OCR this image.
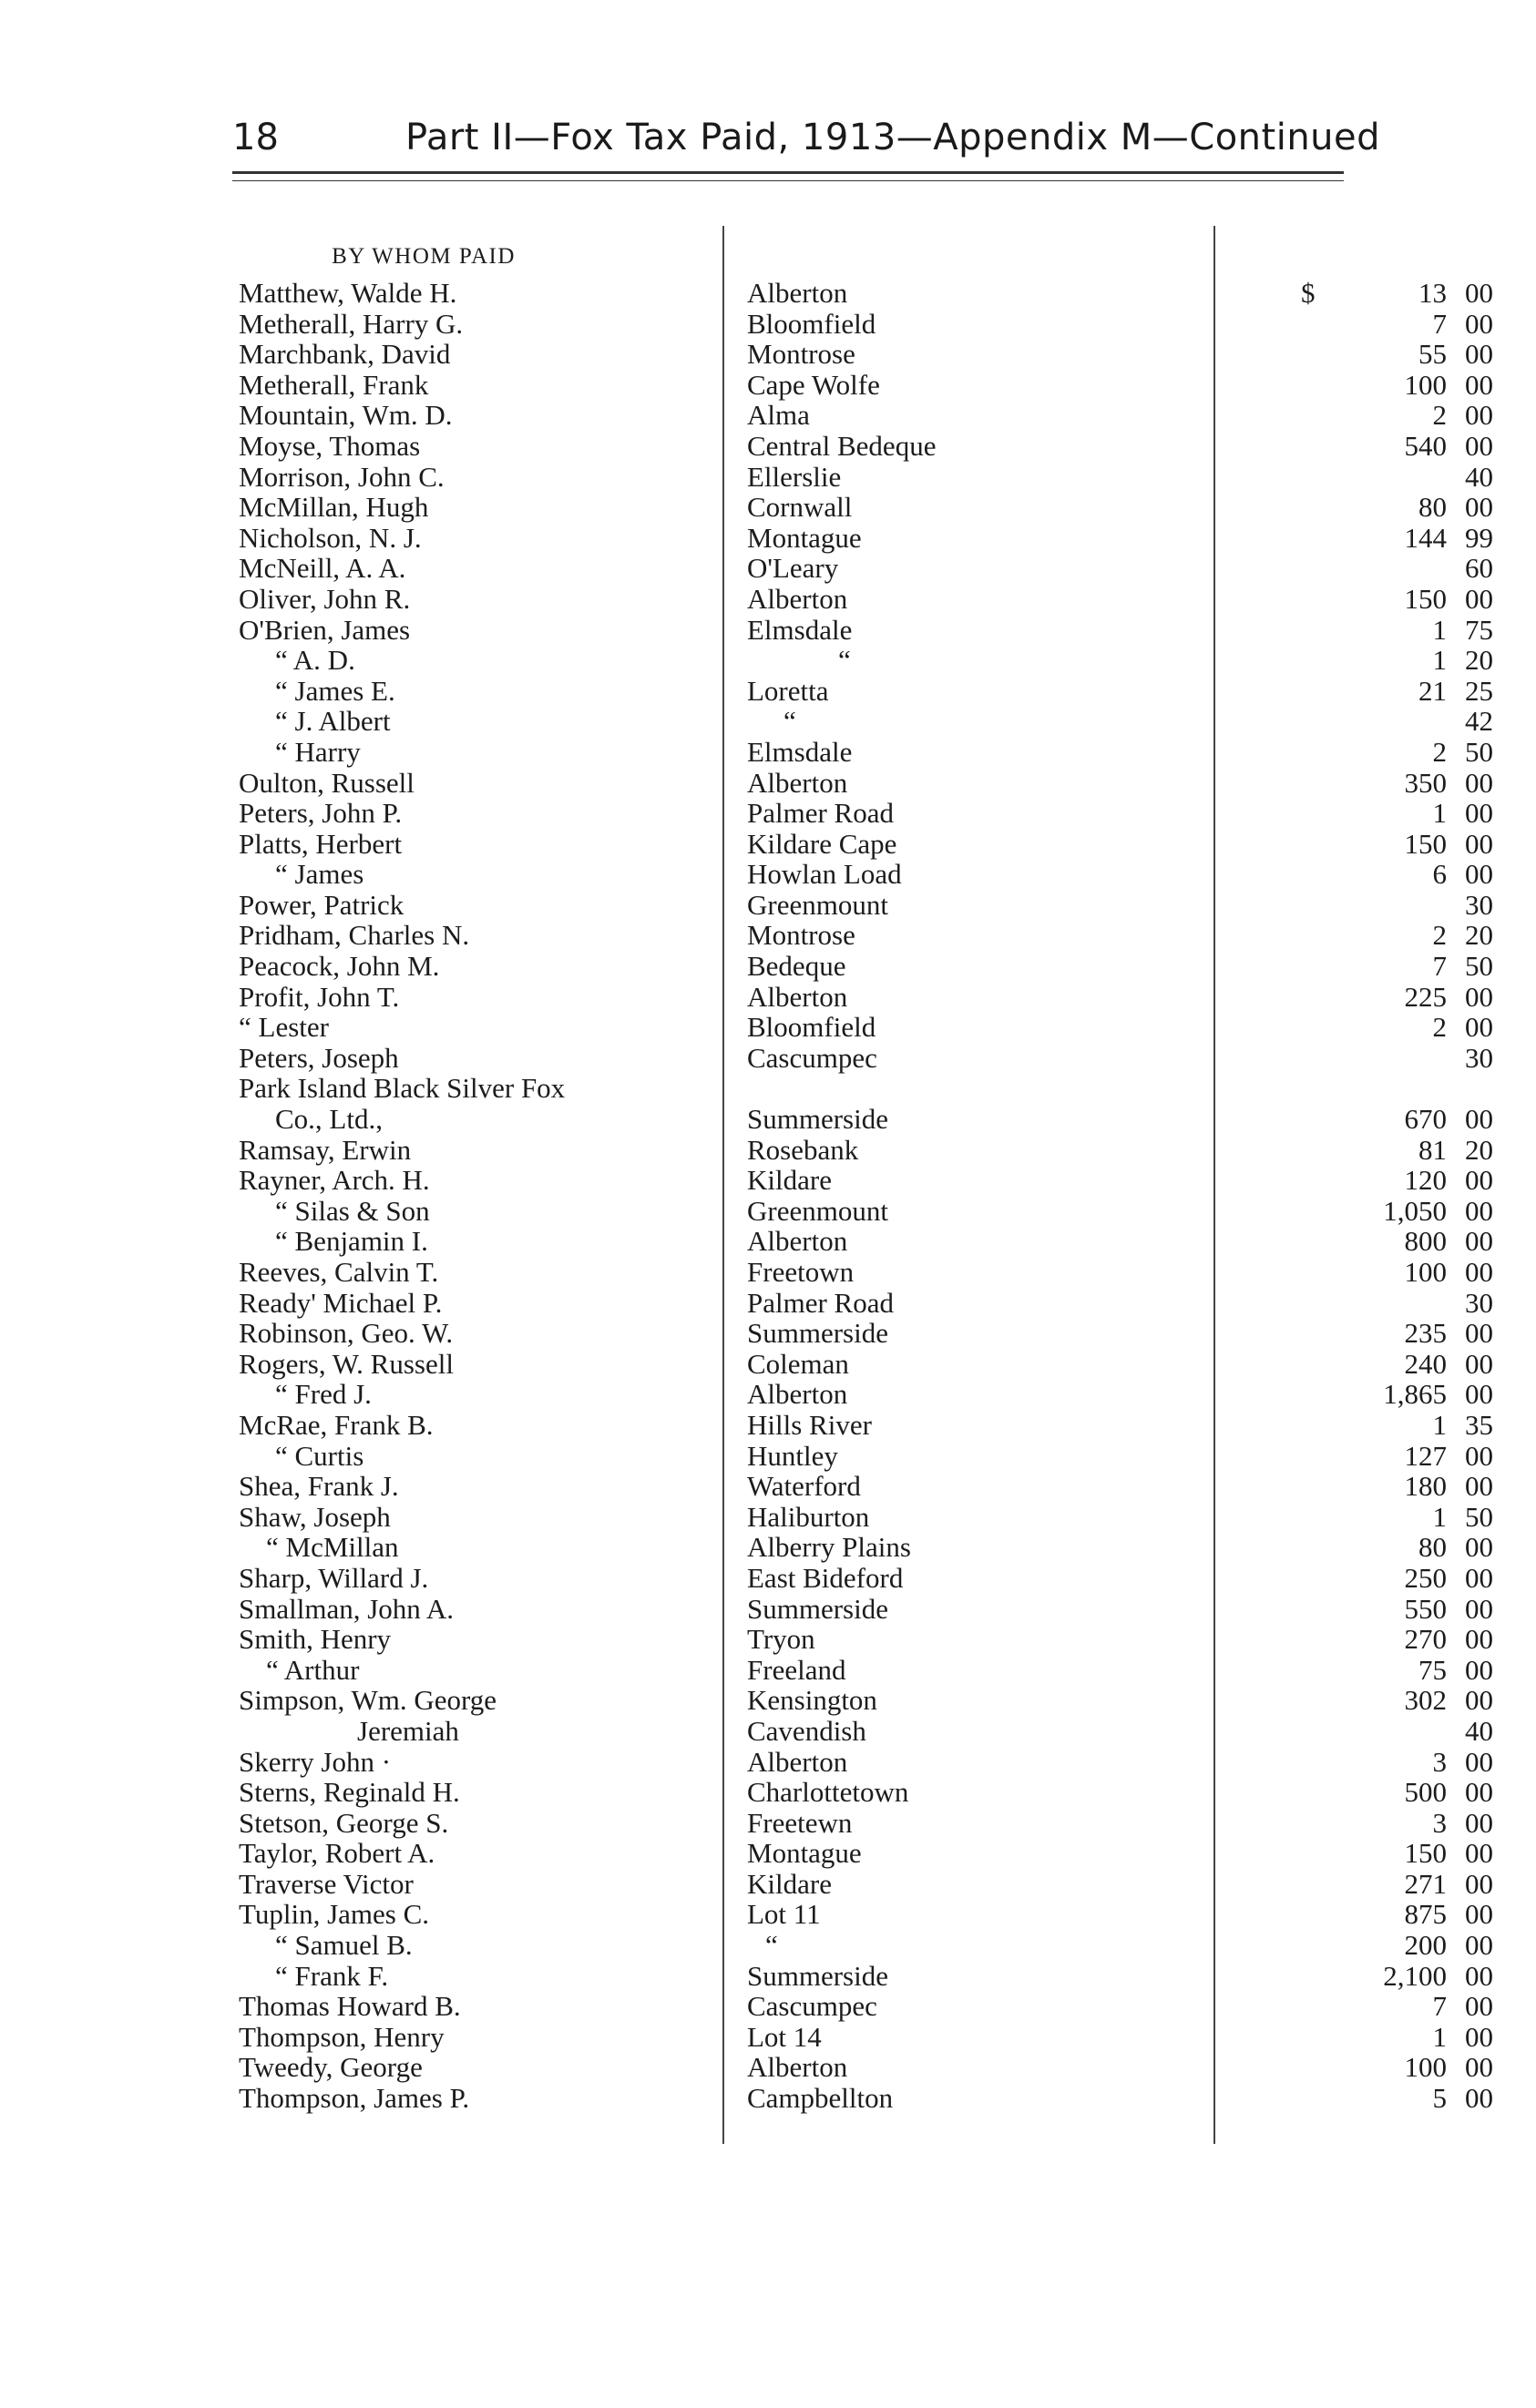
18	Part II—Fox Tax Paid, 1913—Appendix M—Continued
BY WHOM PAID
Matthew, Walde H.	Alberton	$	13 00
Metherall, Harry G.	Bloomfield	7 00
Marchbank, David	Montrose	55 00
Metherall, Frank	Cape Wolfe	100 00
Mountain, Wm. D.	Alma	2 00
Moyse, Thomas	Central Bedeque	540 00
Morrison, John C.	Ellerslie	40
McMillan, Hugh	Cornwall	80 00
Nicholson, N. J.	Montague	144 99
McNeill, A. A.	O'Leary	60
Oliver, John R.	Alberton	150 00
O'Brien, James	Elmsdale	1 75
“ A. D.	“	1 20
“ James E.	Loretta	21 25
“ J. Albert	“	42
“ Harry	Elmsdale	2 50
Oulton, Russell	Alberton	350 00
Peters, John P.	Palmer Road	1 00
Platts, Herbert	Kildare Cape	150 00
“ James	Howlan Load	6 00
Power, Patrick	Greenmount	30
Pridham, Charles N.	Montrose	2 20
Peacock, John M.	Bedeque	7 50
Profit, John T.	Alberton	225 00
“ Lester	Bloomfield	2 00
Peters, Joseph	Cascumpec	30
Park Island Black Silver Fox
Co., Ltd.,	Summerside	670 00
Ramsay, Erwin	Rosebank	81 20
Rayner, Arch. H.	Kildare	120 00
“ Silas & Son	Greenmount	1,050 00
“ Benjamin I.	Alberton	800 00
Reeves, Calvin T.	Freetown	100 00
Ready' Michael P.	Palmer Road	30
Robinson, Geo. W.	Summerside	235 00
Rogers, W. Russell	Coleman	240 00
“ Fred J.	Alberton	1,865 00
McRae, Frank B.	Hills River	1 35
“ Curtis	Huntley	127 00
Shea, Frank J.	Waterford	180 00
Shaw, Joseph	Haliburton	1 50
“ McMillan	Alberry Plains	80 00
Sharp, Willard J.	East Bideford	250 00
Smallman, John A.	Summerside	550 00
Smith, Henry	Tryon	270 00
“ Arthur	Freeland	75 00
Simpson, Wm. George	Kensington	302 00
Jeremiah	Cavendish	40
Skerry John ·	Alberton	3 00
Sterns, Reginald H.	Charlottetown	500 00
Stetson, George S.	Freetewn	3 00
Taylor, Robert A.	Montague	150 00
Traverse Victor	Kildare	271 00
Tuplin, James C.	Lot 11	875 00
“ Samuel B.	“	200 00
“ Frank F.	Summerside	2,100 00
Thomas Howard B.	Cascumpec	7 00
Thompson, Henry	Lot 14	1 00
Tweedy, George	Alberton	100 00
Thompson, James P.	Campbellton	5 00
